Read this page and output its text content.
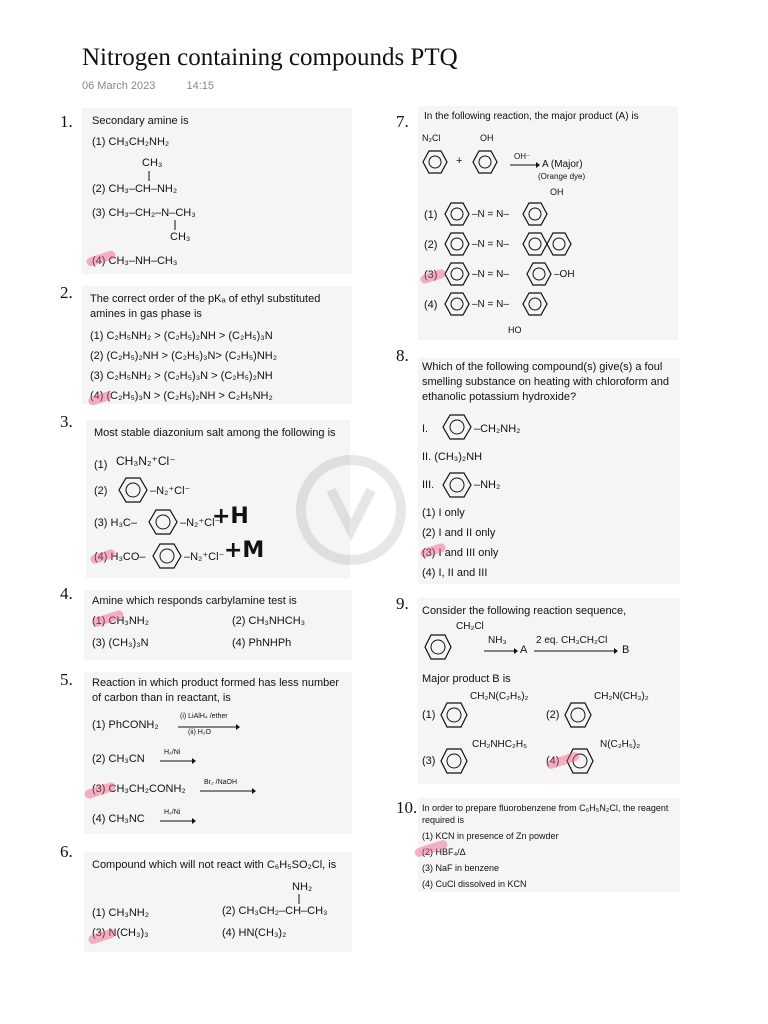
Nitrogen containing compounds PTQ
06 March 2023	14:15
1. Secondary amine is
(1) CH₃CH₂NH₂
CH₃
(2) CH₃–CH–NH₂
(3) CH₃–CH₂–N–CH₃
CH₃
(4) CH₃–NH–CH₃
2. The correct order of the pKₐ of ethyl substituted amines in gas phase is
(1) C₂H₅NH₂ > (C₂H₅)₂NH > (C₂H₅)₃N
(2) (C₂H₅)₂NH > (C₂H₅)₃N> (C₂H₅)NH₂
(3) C₂H₅NH₂ > (C₂H₅)₃N > (C₂H₅)₂NH
(4) (C₂H₅)₃N > (C₂H₅)₂NH > C₂H₅NH₂
3.
Most stable diazonium salt among the following is
(1) CH₃N₂⁺Cl⁻
(2)	–N₂⁺Cl⁻
(3) H₃C–	–N₂⁺Cl⁻
(4) H₃CO–	–N₂⁺Cl⁻
+H
+M
4. Amine which responds carbylamine test is
(1) CH₃NH₂	(2) CH₃NHCH₃
(3) (CH₃)₃N	(4) PhNHPh
5. Reaction in which product formed has less number of carbon than in reactant, is
(1) PhCONH₂
(i) LiAlH₄ /ether
(ii) H₂O
(2) CH₃CN
H₂/Ni
(3) CH₃CH₂CONH₂
Br₂ /NaOH
(4) CH₃NC
H₂/Ni
6.
Compound which will not react with C₆H₅SO₂Cl, is
NH₂
(1) CH₃NH₂	(2) CH₃CH₂–CH–CH₃
(3) N(CH₃)₃	(4) HN(CH₃)₂
7. In the following reaction, the major product (A) is
N₂Cl
+
OH
OH⁻
A (Major)
(Orange dye)
OH
(1)
(2)
(3)
(4)
–N = N–
–N = N–
–N = N–
–N = N–
–OH
HO
8.
Which of the following compound(s) give(s) a foul smelling substance on heating with chloroform and ethanolic potassium hydroxide?
I.	–CH₂NH₂
II. (CH₃)₂NH
III.	–NH₂
(1) I only
(2) I and II only
(3) I and III only
(4) I, II and III
9. Consider the following reaction sequence,
CH₂Cl
NH₃
A
2 eq. CH₃CH₂Cl
B
Major product B is
(1)
CH₂N(C₂H₅)₂
(2)
CH₂N(CH₃)₂
(3)
CH₂NHC₂H₅
(4)
N(C₂H₅)₂
10. In order to prepare fluorobenzene from C₆H₅N₂Cl, the reagent required is
(1) KCN in presence of Zn powder
(2) HBF₄/Δ
(3) NaF in benzene
(4) CuCl dissolved in KCN
